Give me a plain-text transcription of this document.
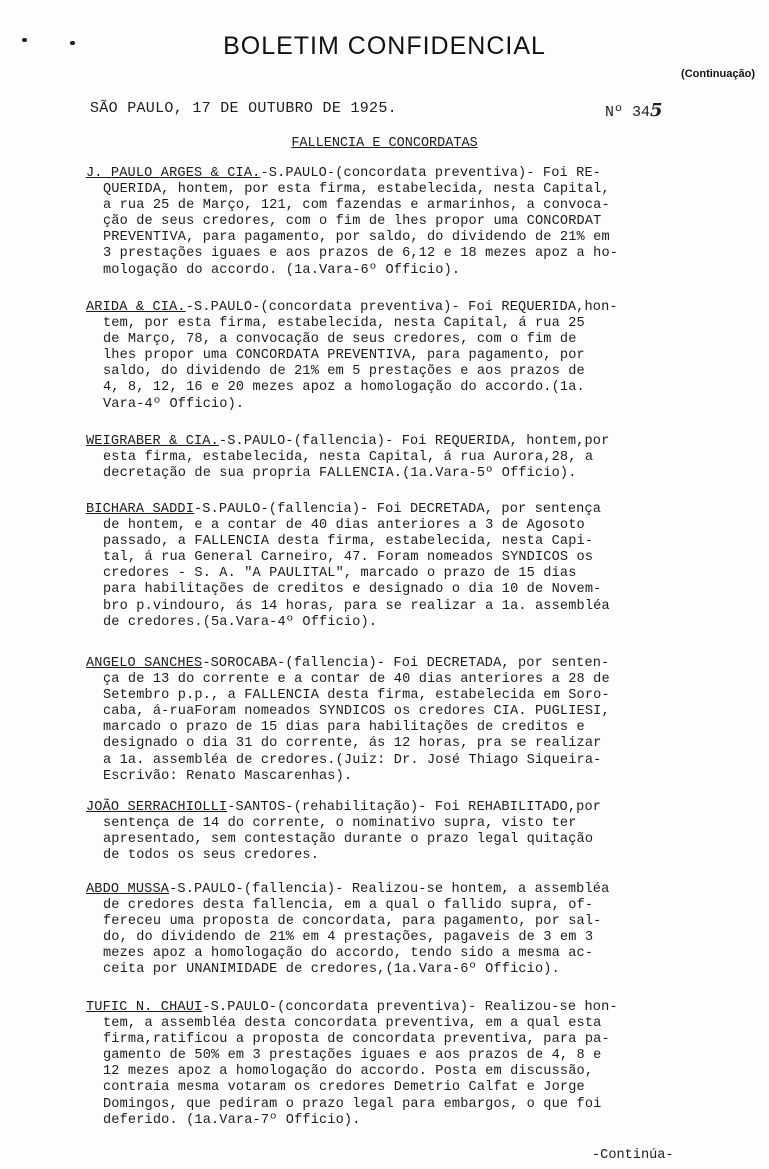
BOLETIM CONFIDENCIAL
(Continuação)
SÃO PAULO, 17 DE OUTUBRO DE 1925.	Nº 345
FALLENCIA E CONCORDATAS
J. PAULO ARGES & CIA.-S.PAULO-(concordata preventiva)- Foi RE-
QUERIDA, hontem, por esta firma, estabelecida, nesta Capital,
a rua 25 de Março, 121, com fazendas e armarinhos, a convoca-
ção de seus credores, com o fim de lhes propor uma CONCORDAT
PREVENTIVA, para pagamento, por saldo, do dividendo de 21% em
3 prestações iguaes e aos prazos de 6,12 e 18 mezes apoz a ho-
mologação do accordo. (1a.Vara-6º Officio).
ARIDA & CIA.-S.PAULO-(concordata preventiva)- Foi REQUERIDA,hon-
tem, por esta firma, estabelecida, nesta Capital, á rua 25
de Março, 78, a convocação de seus credores, com o fim de
lhes propor uma CONCORDATA PREVENTIVA, para pagamento, por
saldo, do dividendo de 21% em 5 prestações e aos prazos de
4, 8, 12, 16 e 20 mezes apoz a homologação do accordo.(1a.
Vara-4º Officio).
WEIGRABER & CIA.-S.PAULO-(fallencia)- Foi REQUERIDA, hontem,por
esta firma, estabelecida, nesta Capital, á rua Aurora,28, a
decretação de sua propria FALLENCIA.(1a.Vara-5º Officio).
BICHARA SADDI-S.PAULO-(fallencia)- Foi DECRETADA, por sentença
de hontem, e a contar de 40 dias anteriores a 3 de Agosoto
passado, a FALLENCIA desta firma, estabelecida, nesta Capi-
tal, á rua General Carneiro, 47. Foram nomeados SYNDICOS os
credores - S. A. "A PAULITAL", marcado o prazo de 15 dias
para habilitações de creditos e designado o dia 10 de Novem-
bro p.vindouro, ás 14 horas, para se realizar a 1a. assembléa
de credores.(5a.Vara-4º Officio).
ANGELO SANCHES-SOROCABA-(fallencia)- Foi DECRETADA, por senten-
ça de 13 do corrente e a contar de 40 dias anteriores a 28 de
Setembro p.p., a FALLENCIA desta firma, estabelecida em Soro-
caba, á-ruaForam nomeados SYNDICOS os credores CIA. PUGLIESI,
marcado o prazo de 15 dias para habilitações de creditos e
designado o dia 31 do corrente, ás 12 horas, pra se realizar
a 1a. assembléa de credores.(Juiz: Dr. José Thiago Siqueira-
Escrivão: Renato Mascarenhas).
JOÃO SERRACHIOLLI-SANTOS-(rehabilitação)- Foi REHABILITADO,por
sentença de 14 do corrente, o nominativo supra, visto ter
apresentado, sem contestação durante o prazo legal quitação
de todos os seus credores.
ABDO MUSSA-S.PAULO-(fallencia)- Realizou-se hontem, a assembléa
de credores desta fallencia, em a qual o fallido supra, of-
fereceu uma proposta de concordata, para pagamento, por sal-
do, do dividendo de 21% em 4 prestações, pagaveis de 3 em 3
mezes apoz a homologação do accordo, tendo sido a mesma ac-
ceita por UNANIMIDADE de credores,(1a.Vara-6º Officio).
TUFIC N. CHAUI-S.PAULO-(concordata preventiva)- Realizou-se hon-
tem, a assembléa desta concordata preventiva, em a qual esta
firma,ratificou a proposta de concordata preventiva, para pa-
gamento de 50% em 3 prestações iguaes e aos prazos de 4, 8 e
12 mezes apoz a homologação do accordo. Posta em discussão,
contraia mesma votaram os credores Demetrio Calfat e Jorge
Domingos, que pediram o prazo legal para embargos, o que foi
deferido. (1a.Vara-7º Officio).
-Continúa-
